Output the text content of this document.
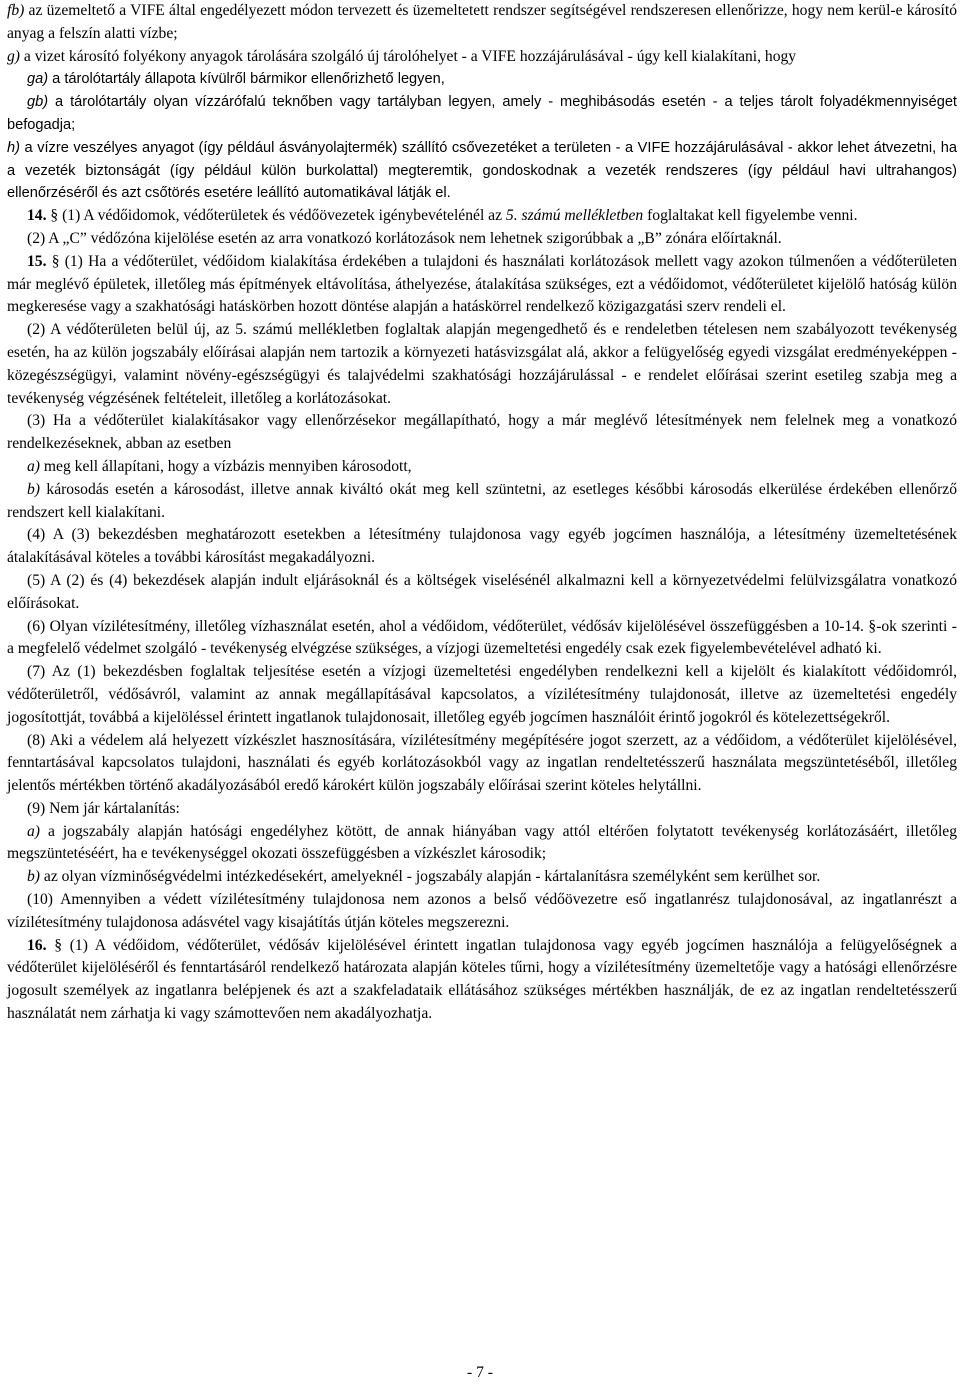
fb) az üzemeltető a VIFE által engedélyezett módon tervezett és üzemeltetett rendszer segítségével rendszeresen ellenőrizze, hogy nem kerül-e károsító anyag a felszín alatti vízbe;

g) a vizet károsító folyékony anyagok tárolására szolgáló új tárolóhelyet - a VIFE hozzájárulásával - úgy kell kialakítani, hogy

ga) a tárolótartály állapota kívülről bármikor ellenőrizhető legyen,

gb) a tárolótartály olyan vízzárófalú teknőben vagy tartályban legyen, amely - meghibásodás esetén - a teljes tárolt folyadékmennyiséget befogadja;

h) a vízre veszélyes anyagot (így például ásványolajtermék) szállító csővezetéket a területen - a VIFE hozzájárulásával - akkor lehet átvezetni, ha a vezeték biztonságát (így például külön burkolattal) megteremtik, gondoskodnak a vezeték rendszeres (így például havi ultrahangos) ellenőrzéséről és azt csőtörés esetére leállító automatikával látják el.

14. § (1) A védőidomok, védőterületek és védőövezetek igénybevételénél az 5. számú mellékletben foglaltakat kell figyelembe venni.

(2) A „C” védőzóna kijelölése esetén az arra vonatkozó korlátozások nem lehetnek szigorúbbak a „B” zónára előírtaknál.

15. § (1) Ha a védőterület, védőidom kialakítása érdekében a tulajdoni és használati korlátozások mellett vagy azokon túlmenően a védőterületen már meglévő épületek, illetőleg más építmények eltávolítása, áthelyezése, átalakítása szükséges, ezt a védőidomot, védőterületet kijelölő hatóság külön megkeresése vagy a szakhatósági hatáskörben hozott döntése alapján a hatáskörrel rendelkező közigazgatási szerv rendeli el.

(2) A védőterületen belül új, az 5. számú mellékletben foglaltak alapján megengedhető és e rendeletben tételesen nem szabályozott tevékenység esetén, ha az külön jogszabály előírásai alapján nem tartozik a környezeti hatásvizsgálat alá, akkor a felügyelőség egyedi vizsgálat eredményeképpen - közegészségügyi, valamint növény-egészségügyi és talajvédelmi szakhatósági hozzájárulással - e rendelet előírásai szerint esetileg szabja meg a tevékenység végzésének feltételeit, illetőleg a korlátozásokat.

(3) Ha a védőterület kialakításakor vagy ellenőrzésekor megállapítható, hogy a már meglévő létesítmények nem felelnek meg a vonatkozó rendelkezéseknek, abban az esetben

a) meg kell állapítani, hogy a vízbázis mennyiben károsodott,

b) károsodás esetén a károsodást, illetve annak kiváltó okát meg kell szüntetni, az esetleges későbbi károsodás elkerülése érdekében ellenőrző rendszert kell kialakítani.

(4) A (3) bekezdésben meghatározott esetekben a létesítmény tulajdonosa vagy egyéb jogcímen használója, a létesítmény üzemeltetésének átalakításával köteles a további károsítást megakadályozni.

(5) A (2) és (4) bekezdések alapján indult eljárásoknál és a költségek viselésénél alkalmazni kell a környezetvédelmi felülvizsgálatra vonatkozó előírásokat.

(6) Olyan vízilétesítmény, illetőleg vízhasználat esetén, ahol a védőidom, védőterület, védősáv kijelölésével összefüggésben a 10-14. §-ok szerinti - a megfelelő védelmet szolgáló - tevékenység elvégzése szükséges, a vízjogi üzemeltetési engedély csak ezek figyelembevételével adható ki.

(7) Az (1) bekezdésben foglaltak teljesítése esetén a vízjogi üzemeltetési engedélyben rendelkezni kell a kijelölt és kialakított védőidomról, védőterületről, védősávról, valamint az annak megállapításával kapcsolatos, a vízilétesítmény tulajdonosát, illetve az üzemeltetési engedély jogosítottját, továbbá a kijelöléssel érintett ingatlanok tulajdonosait, illetőleg egyéb jogcímen használóit érintő jogokról és kötelezettségekről.

(8) Aki a védelem alá helyezett vízkészlet hasznosítására, vízilétesítmény megépítésére jogot szerzett, az a védőidom, a védőterület kijelölésével, fenntartásával kapcsolatos tulajdoni, használati és egyéb korlátozásokból vagy az ingatlan rendeltetésszerű használata megszüntetéséből, illetőleg jelentős mértékben történő akadályozásából eredő károkért külön jogszabály előírásai szerint köteles helytállni.

(9) Nem jár kártalanítás:

a) a jogszabály alapján hatósági engedélyhez kötött, de annak hiányában vagy attól eltérően folytatott tevékenység korlátozásáért, illetőleg megszüntetéséért, ha e tevékenységgel okozati összefüggésben a vízkészlet károsodik;

b) az olyan vízminőségvédelmi intézkedésekért, amelyeknél - jogszabály alapján - kártalanításra személyként sem kerülhet sor.

(10) Amennyiben a védett vízilétesítmény tulajdonosa nem azonos a belső védőövezetre eső ingatlanrész tulajdonosával, az ingatlanrészt a vízilétesítmény tulajdonosa adásvétel vagy kisajátítás útján köteles megszerezni.

16. § (1) A védőidom, védőterület, védősáv kijelölésével érintett ingatlan tulajdonosa vagy egyéb jogcímen használója a felügyelőségnek a védőterület kijelöléséről és fenntartásáról rendelkező határozata alapján köteles tűrni, hogy a vízilétesítmény üzemeltetője vagy a hatósági ellenőrzésre jogosult személyek az ingatlanra belépjenek és azt a szakfeladataik ellátásához szükséges mértékben használják, de ez az ingatlan rendeltetésszerű használatát nem zárhatja ki vagy számottevően nem akadályozhatja.

- 7 -
